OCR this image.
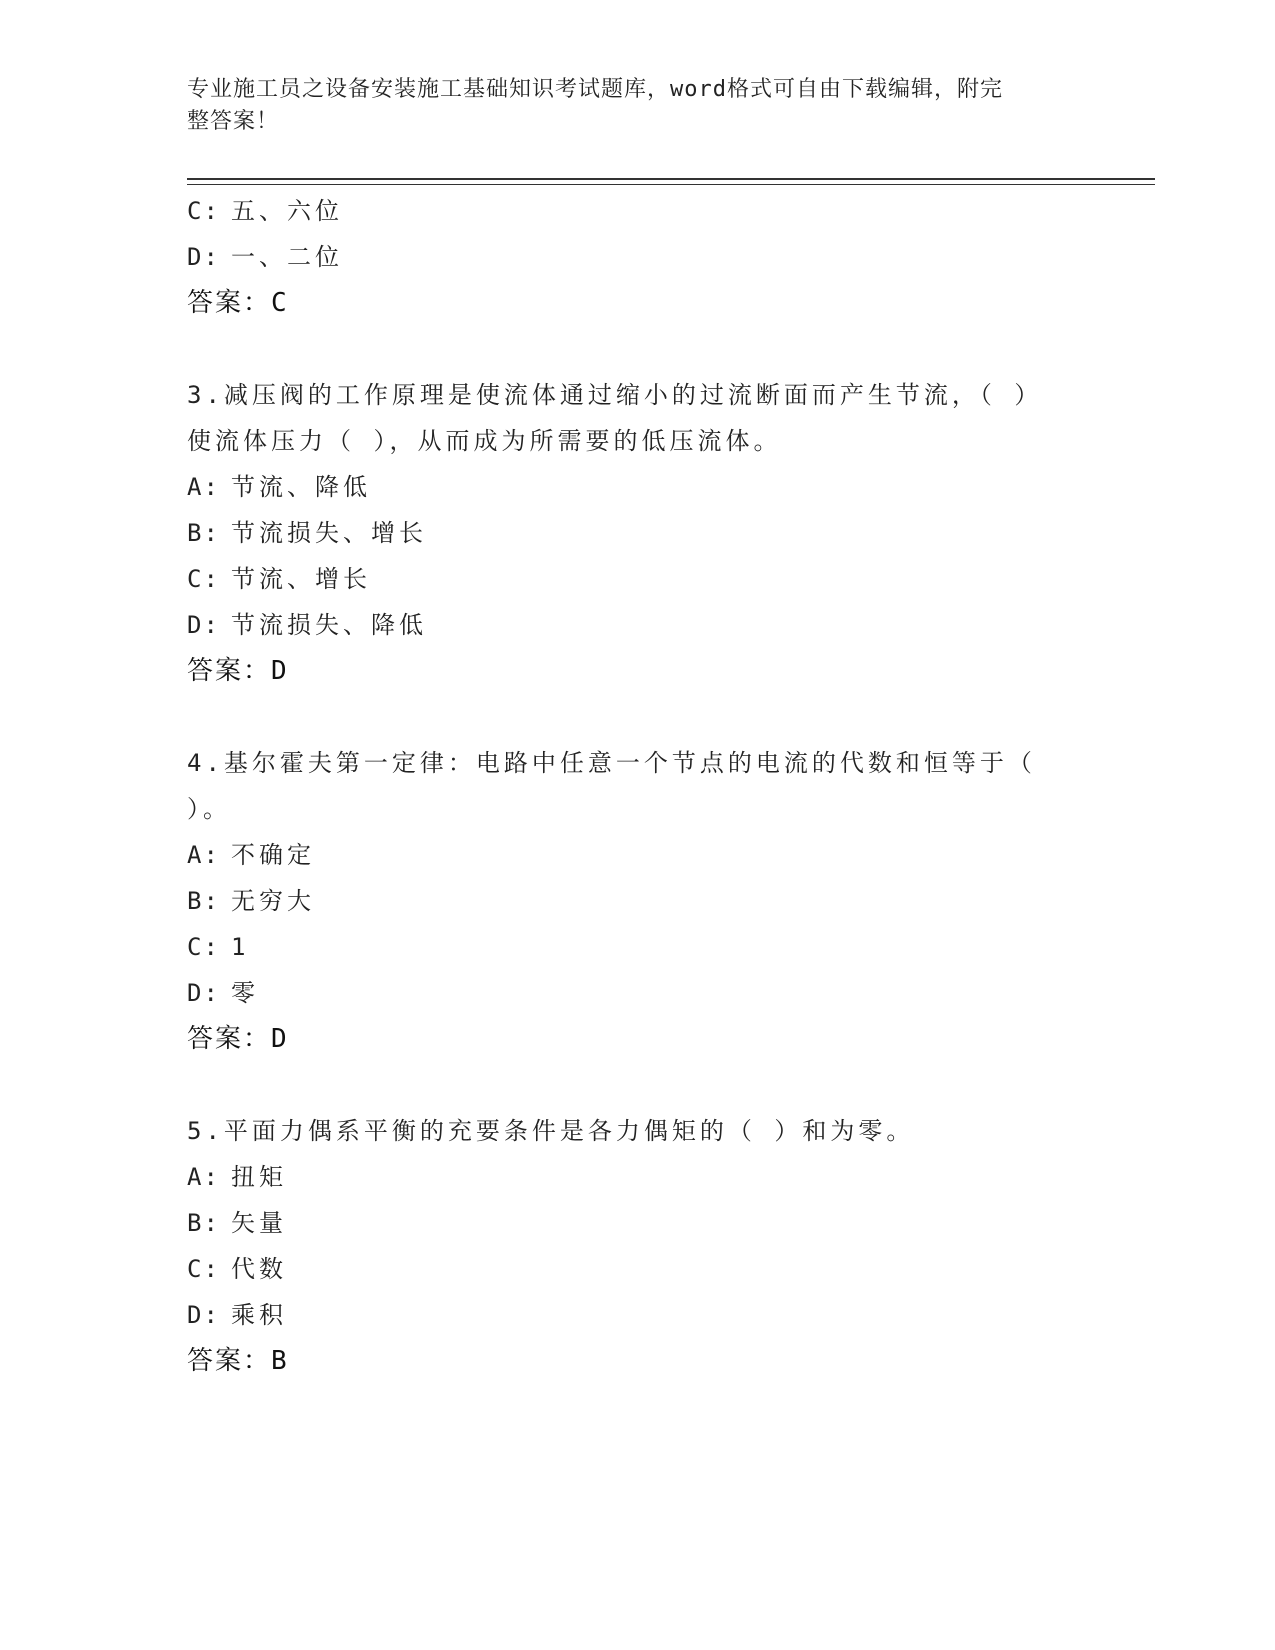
专业施工员之设备安装施工基础知识考试题库，word格式可自由下载编辑，附完
整答案！
C: 五、六位
D: 一、二位
答案：C
3.减压阀的工作原理是使流体通过缩小的过流断面而产生节流，（ ）
使流体压力（ ），从而成为所需要的低压流体。
A: 节流、降低
B: 节流损失、增长
C: 节流、增长
D: 节流损失、降低
答案：D
4.基尔霍夫第一定律：电路中任意一个节点的电流的代数和恒等于（
）。
A: 不确定
B: 无穷大
C: 1
D: 零
答案：D
5.平面力偶系平衡的充要条件是各力偶矩的（ ）和为零。
A: 扭矩
B: 矢量
C: 代数
D: 乘积
答案：B
